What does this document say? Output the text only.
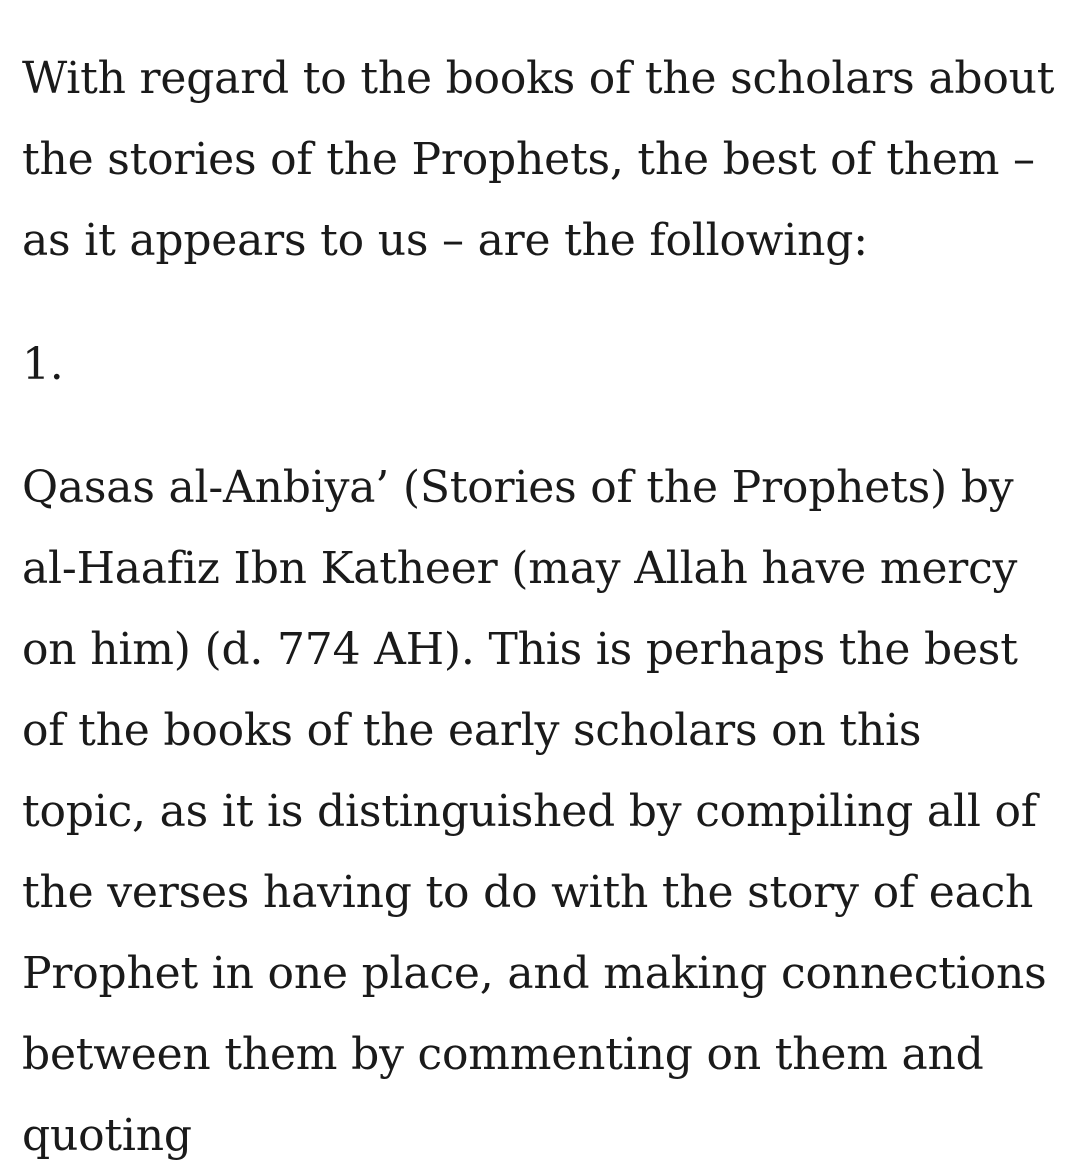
With regard to the books of the scholars about the stories of the Prophets, the best of them – as it appears to us – are the following:

1.

Qasas al-Anbiya’ (Stories of the Prophets) by al-Haafiz Ibn Katheer (may Allah have mercy on him) (d. 774 AH). This is perhaps the best of the books of the early scholars on this topic, as it is distinguished by compiling all of the verses having to do with the story of each Prophet in one place, and making connections between them by commenting on them and quoting
